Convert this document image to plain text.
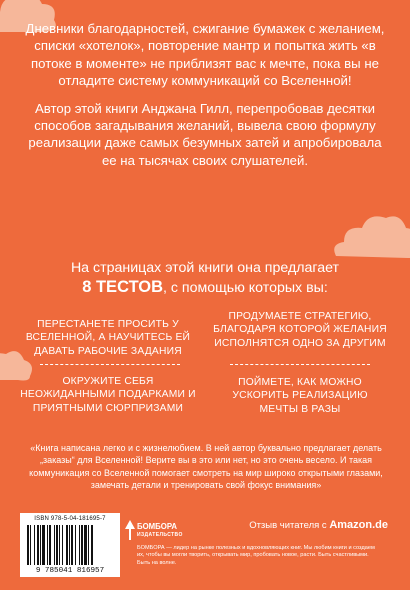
Дневники благодарностей, сжигание бумажек с желанием, списки «хотелок», повторение мантр и попытка жить «в потоке в моменте» не приблизят вас к мечте, пока вы не отладите систему коммуникаций со Вселенной!

Автор этой книги Анджана Гилл, перепробовав десятки способов загадывания желаний, вывела свою формулу реализации даже самых безумных затей и апробировала ее на тысячах своих слушателей.

На страницах этой книги она предлагает
8 ТЕСТОВ, с помощью которых вы:
ПЕРЕСТАНЕТЕ ПРОСИТЬ У ВСЕЛЕННОЙ, А НАУЧИТЕСЬ ЕЙ ДАВАТЬ РАБОЧИЕ ЗАДАНИЯ
ПРОДУМАЕТЕ СТРАТЕГИЮ, БЛАГОДАРЯ КОТОРОЙ ЖЕЛАНИЯ ИСПОЛНЯТСЯ ОДНО ЗА ДРУГИМ
ОКРУЖИТЕ СЕБЯ НЕОЖИДАННЫМИ ПОДАРКАМИ И ПРИЯТНЫМИ СЮРПРИЗАМИ
ПОЙМЕТЕ, КАК МОЖНО УСКОРИТЬ РЕАЛИЗАЦИЮ МЕЧТЫ В РАЗЫ
«Книга написана легко и с жизнелюбием. В ней автор буквально предлагает делать „заказы“ для Вселенной! Верите вы в это или нет, но это очень весело. И такая коммуникация со Вселенной помогает смотреть на мир широко открытыми глазами, замечать детали и тренировать свой фокус внимания»
Отзыв читателя с Amazon.de
ISBN 978-5-04-181695-7
9 785041 816957
БОМБОРА
ИЗДАТЕЛЬСТВО
БОМБОРА — лидер на рынке полезных и вдохновляющих книг. Мы любим книги и создаем их, чтобы вы могли творить, открывать мир, пробовать новое, расти. Быть счастливыми. Быть на волне.
